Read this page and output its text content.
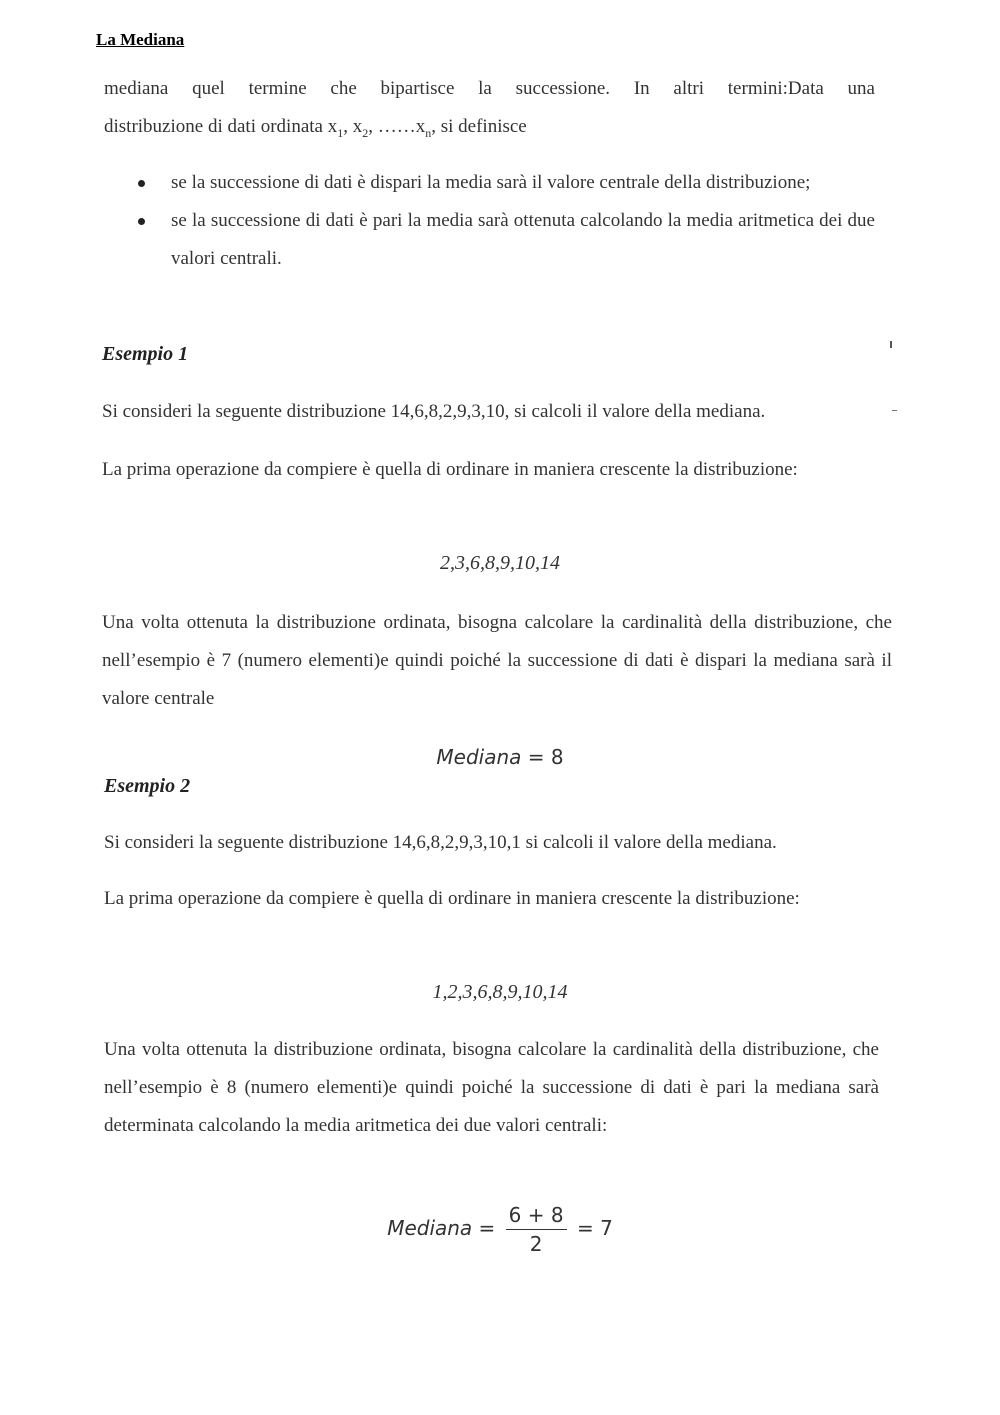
La Mediana
mediana quel termine che bipartisce la successione. In altri termini:Data una
distribuzione di dati ordinata $x_1$, $x_2$, $\dots\dots x_n$, si definisce
se la successione di dati è dispari la media sarà il valore centrale della distribuzione;
se la successione di dati è pari la media sarà ottenuta calcolando la media aritmetica dei due valori centrali.
Esempio 1
Si consideri la seguente distribuzione 14,6,8,2,9,3,10, si calcoli il valore della mediana.
La prima operazione da compiere è quella di ordinare in maniera crescente la distribuzione:
2,3,6,8,9,10,14
Una volta ottenuta la distribuzione ordinata, bisogna calcolare la cardinalità della distribuzione, che nell’esempio è 7 (numero elementi)e quindi poiché la successione di dati è dispari la mediana sarà il valore centrale
Mediana = 8
Esempio 2
Si consideri la seguente distribuzione 14,6,8,2,9,3,10,1 si calcoli il valore della mediana.
La prima operazione da compiere è quella di ordinare in maniera crescente la distribuzione:
1,2,3,6,8,9,10,14
Una volta ottenuta la distribuzione ordinata, bisogna calcolare la cardinalità della distribuzione, che nell’esempio è 8 (numero elementi)e quindi poiché la successione di dati è pari la mediana sarà determinata calcolando la media aritmetica dei due valori centrali:
Mediana = $\frac{6 + 8}{2} = 7$
